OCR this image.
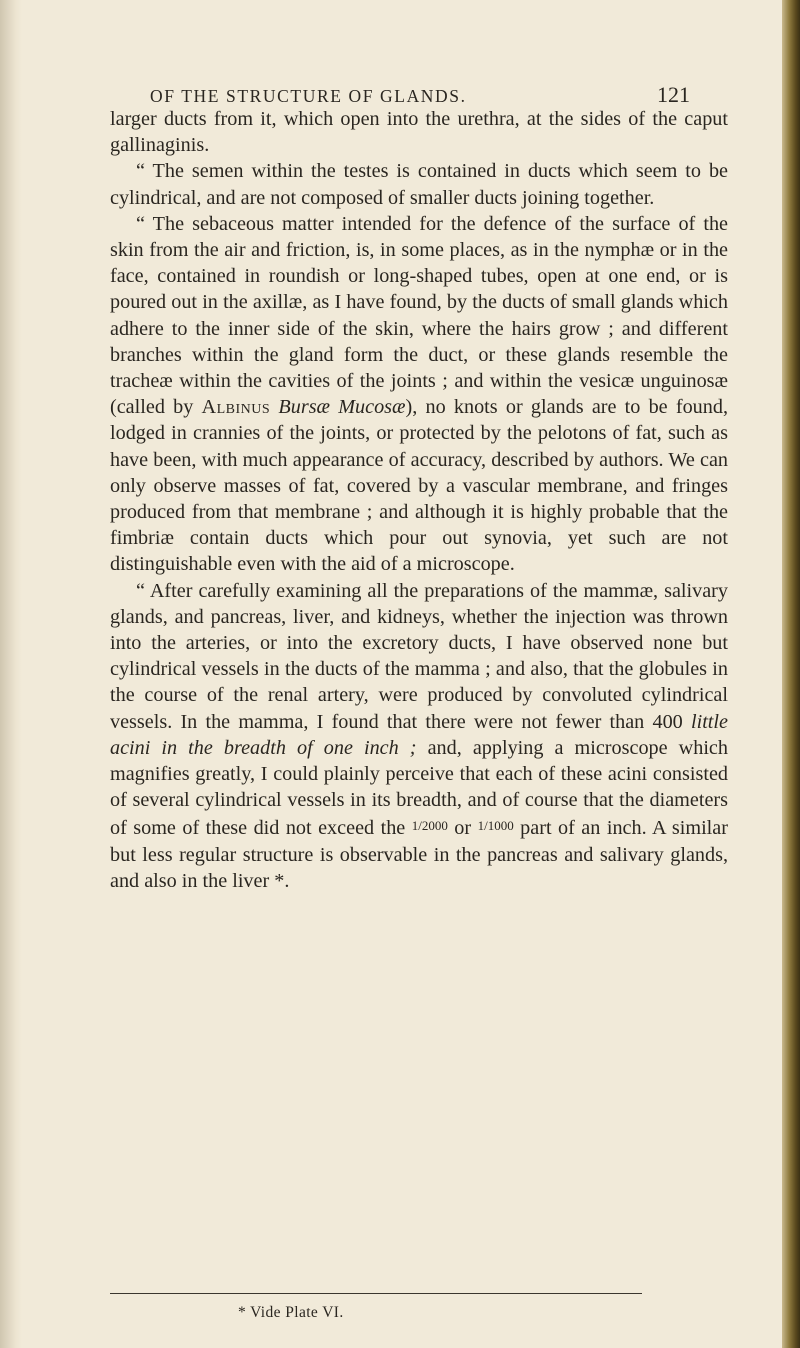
OF THE STRUCTURE OF GLANDS.	121

larger ducts from it, which open into the urethra, at the sides of the caput gallinaginis.

“ The semen within the testes is contained in ducts which seem to be cylindrical, and are not composed of smaller ducts joining together.

“ The sebaceous matter intended for the defence of the surface of the skin from the air and friction, is, in some places, as in the nymphæ or in the face, contained in roundish or long-shaped tubes, open at one end, or is poured out in the axillæ, as I have found, by the ducts of small glands which adhere to the inner side of the skin, where the hairs grow ; and different branches within the gland form the duct, or these glands resemble the tracheæ within the cavities of the joints ; and within the vesicæ unguinosæ (called by Albinus Bursæ Mucosæ), no knots or glands are to be found, lodged in crannies of the joints, or protected by the pelotons of fat, such as have been, with much appearance of accuracy, described by authors. We can only observe masses of fat, covered by a vascular membrane, and fringes produced from that membrane ; and although it is highly probable that the fimbriæ contain ducts which pour out synovia, yet such are not distinguishable even with the aid of a microscope.

“ After carefully examining all the preparations of the mammæ, salivary glands, and pancreas, liver, and kidneys, whether the injection was thrown into the arteries, or into the excretory ducts, I have observed none but cylindrical vessels in the ducts of the mamma ; and also, that the globules in the course of the renal artery, were produced by convoluted cylindrical vessels. In the mamma, I found that there were not fewer than 400 little acini in the breadth of one inch ; and, applying a microscope which magnifies greatly, I could plainly perceive that each of these acini consisted of several cylindrical vessels in its breadth, and of course that the diameters of some of these did not exceed the 1/2000 or 1/1000 part of an inch. A similar but less regular structure is observable in the pancreas and salivary glands, and also in the liver *.

* Vide Plate VI.
